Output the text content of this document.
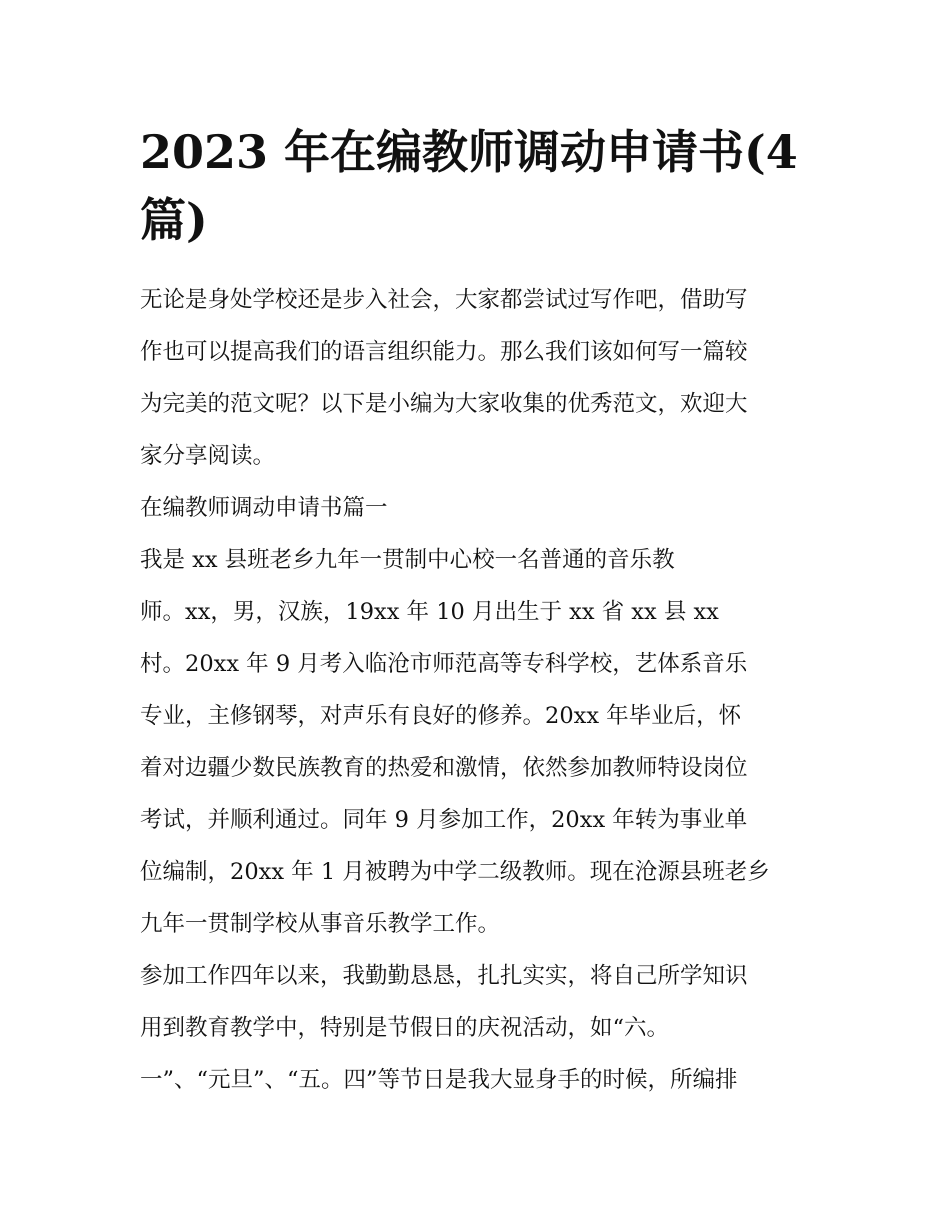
2023 年在编教师调动申请书(4
篇)
无论是身处学校还是步入社会，大家都尝试过写作吧，借助写
作也可以提高我们的语言组织能力。那么我们该如何写一篇较
为完美的范文呢？以下是小编为大家收集的优秀范文，欢迎大
家分享阅读。
在编教师调动申请书篇一
我是 xx 县班老乡九年一贯制中心校一名普通的音乐教
师。xx，男，汉族，19xx 年 10 月出生于 xx 省 xx 县 xx
村。20xx 年 9 月考入临沧市师范高等专科学校，艺体系音乐
专业，主修钢琴，对声乐有良好的修养。20xx 年毕业后，怀
着对边疆少数民族教育的热爱和激情，依然参加教师特设岗位
考试，并顺利通过。同年 9 月参加工作，20xx 年转为事业单
位编制，20xx 年 1 月被聘为中学二级教师。现在沧源县班老乡
九年一贯制学校从事音乐教学工作。
参加工作四年以来，我勤勤恳恳，扎扎实实，将自己所学知识
用到教育教学中，特别是节假日的庆祝活动，如“六。
一”、“元旦”、“五。四”等节日是我大显身手的时候，所编排
